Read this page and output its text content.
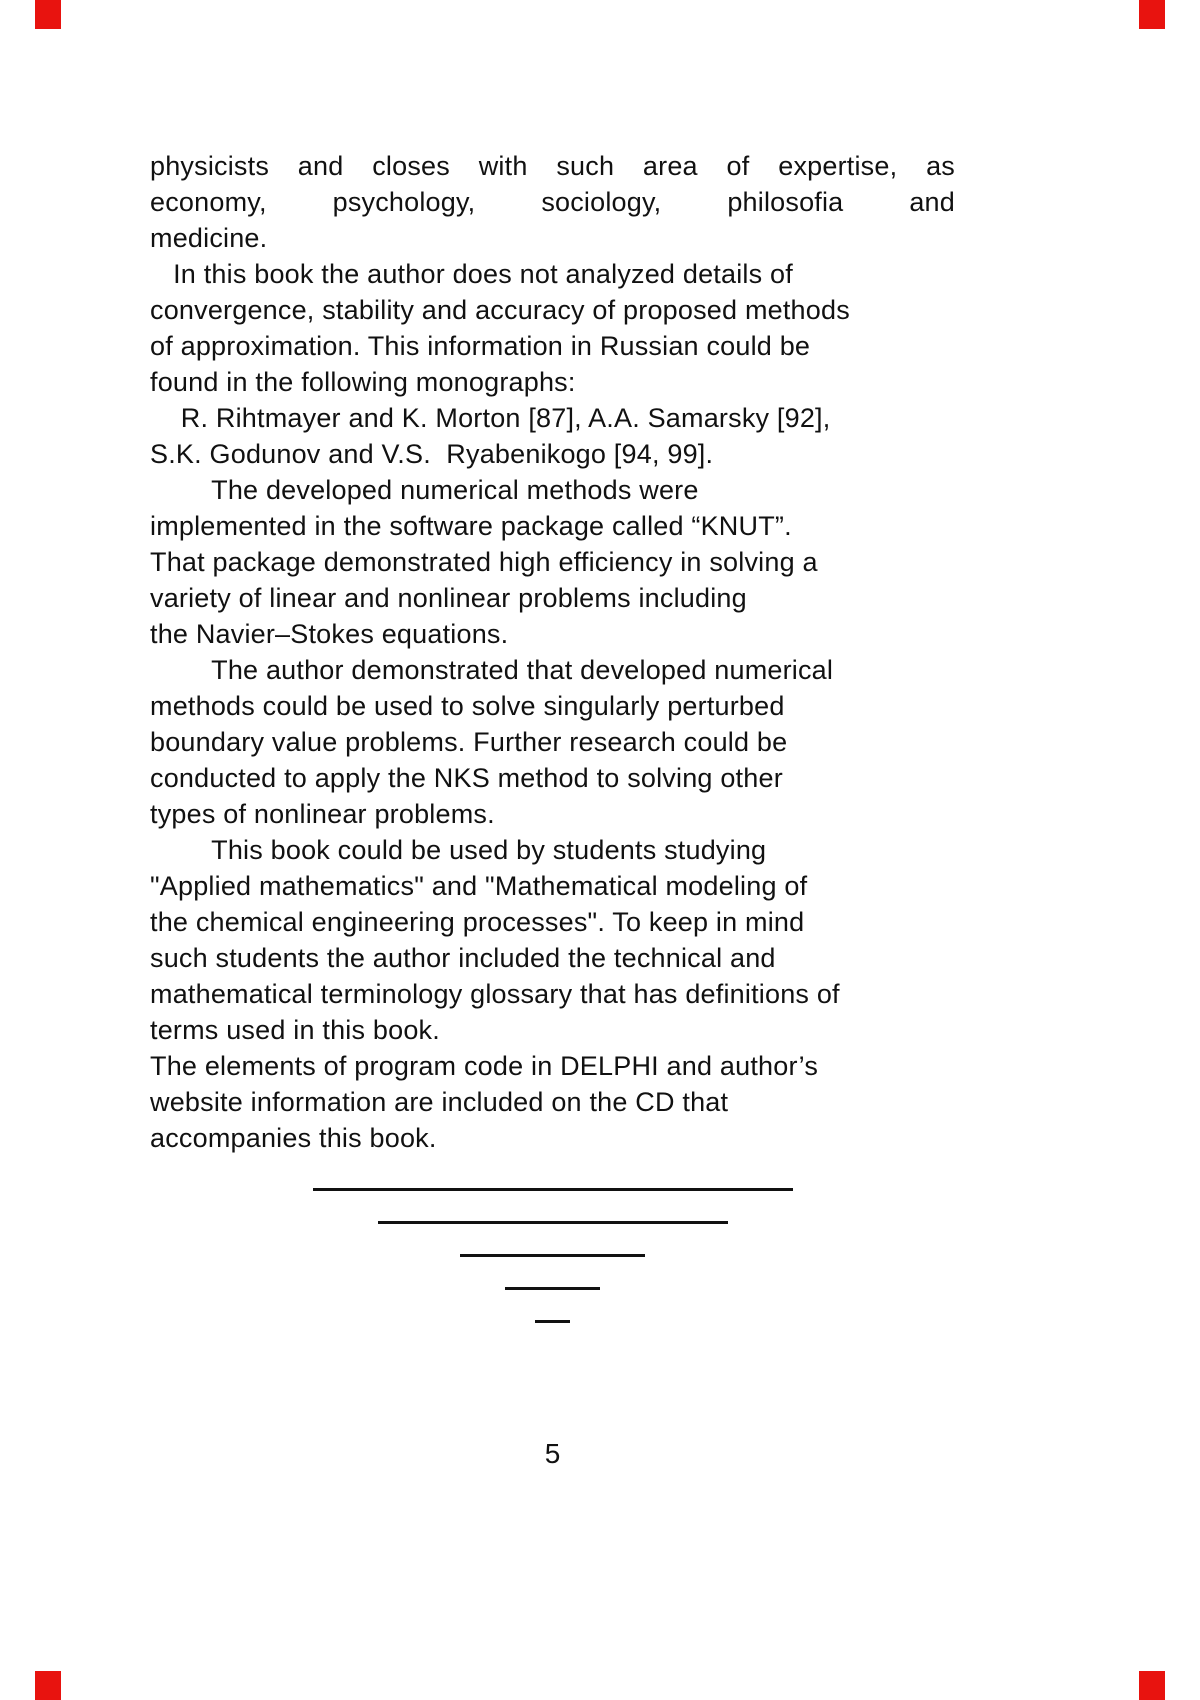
physicists and closes with such area of expertise, as
economy, psychology, sociology, philosofia and
medicine.
In this book the author does not analyzed details of
convergence, stability and accuracy of proposed methods
of approximation. This information in Russian could be
found in the following monographs:
R. Rihtmayer and K. Morton [87], A.A. Samarsky [92],
S.K. Godunov and V.S.  Ryabenikogo [94, 99].
The developed numerical methods were
implemented in the software package called “KNUT”.
That package demonstrated high efficiency in solving a
variety of linear and nonlinear problems including
the Navier–Stokes equations.
The author demonstrated that developed numerical
methods could be used to solve singularly perturbed
boundary value problems. Further research could be
conducted to apply the NKS method to solving other
types of nonlinear problems.
This book could be used by students studying
"Applied mathematics" and "Mathematical modeling of
the chemical engineering processes". To keep in mind
such students the author included the technical and
mathematical terminology glossary that has definitions of
terms used in this book.
The elements of program code in DELPHI and author’s
website information are included on the CD that
accompanies this book.
5
